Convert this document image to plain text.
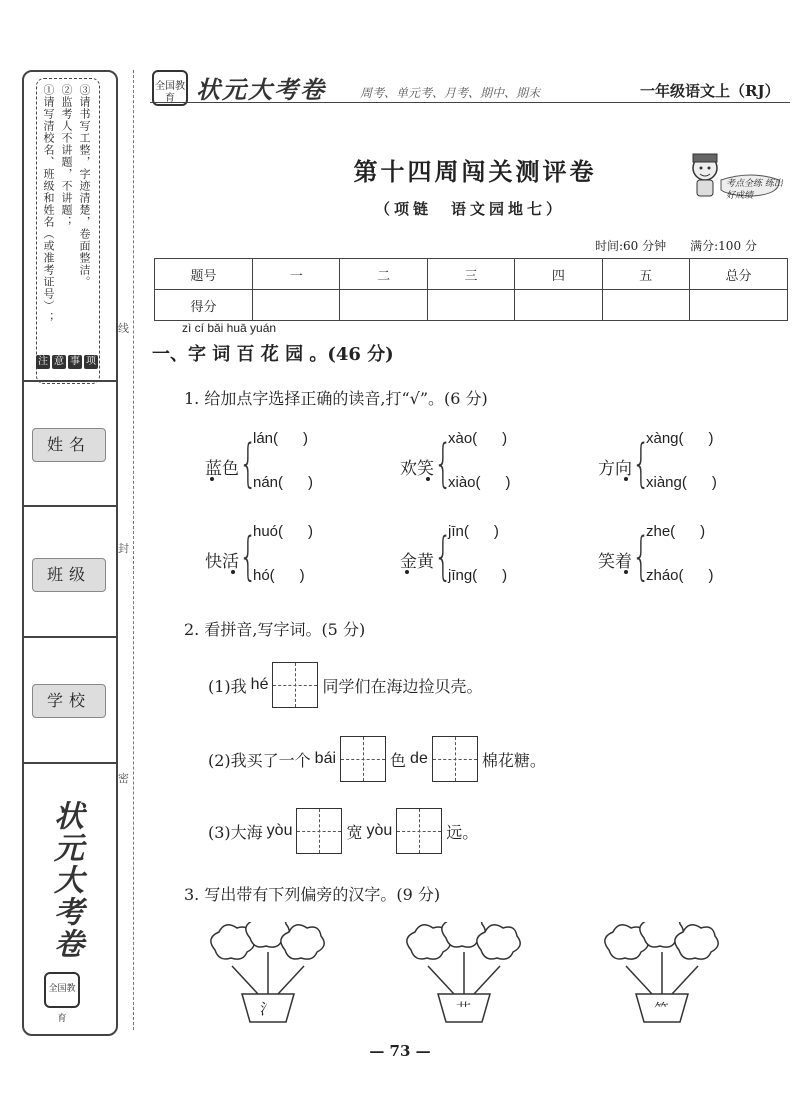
①请写清校名、班级和姓名（或准考证号）； ②监考人不讲题，不讲题； ③请书写工整，字迹清楚，卷面整洁。
注 意 事 项
姓名
班级
学校
状元大考卷
全国教育
线
封
密
全国教育 状元大考卷	周考、单元考、月考、期中、期末	一年级语文上（RJ）
第十四周闯关测评卷
（项链　语文园地七）
考点全练 练出好成绩
时间:60 分钟　　满分:100 分
题号	一	二	三	四	五	总分
得分						
zì cí bǎi huā yuán
一、字 词 百 花 园 。(46 分)
1. 给加点字选择正确的读音,打“√”。(6 分)
蓝色 {
lán(      )
nán(      )
欢笑 {
xào(      )
xiào(      )
方向 {
xàng(      )
xiàng(      )
快活 {
huó(      )
hó(      )
金黄 {
jīn(      )
jīng(      )
笑着 {
zhe(      )
zháo(      )
2. 看拼音,写字词。(5 分)
(1)我 hé	同学们在海边捡贝壳。
(2)我买了一个 bái	色 de	棉花糖。
(3)大海 yòu	宽 yòu	远。
3. 写出带有下列偏旁的汉字。(9 分)
氵	艹	⺮
— 73 —
